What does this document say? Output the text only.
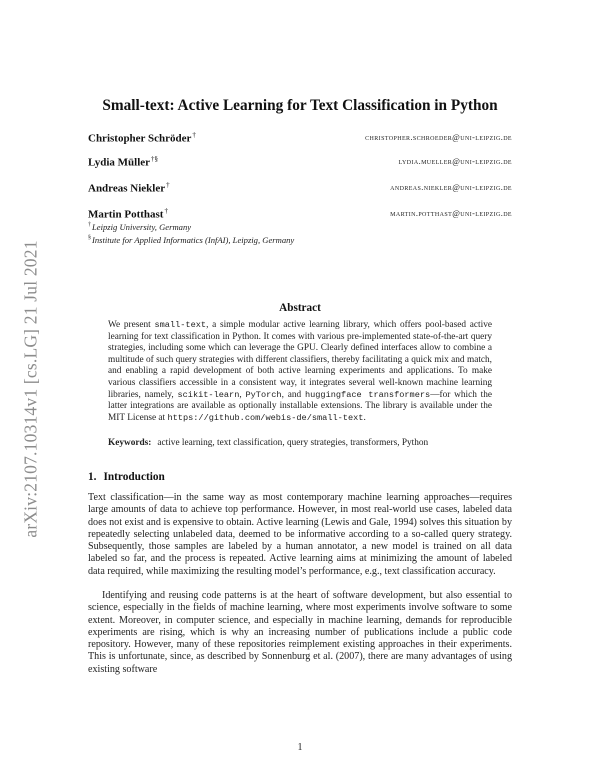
arXiv:2107.10314v1 [cs.LG] 21 Jul 2021
Small-text: Active Learning for Text Classification in Python
Christopher Schröder†	christopher.schroeder@uni-leipzig.de
Lydia Müller†§	lydia.mueller@uni-leipzig.de
Andreas Niekler†	andreas.niekler@uni-leipzig.de
Martin Potthast†	martin.potthast@uni-leipzig.de
†Leipzig University, Germany
§Institute for Applied Informatics (InfAI), Leipzig, Germany
Abstract
We present small-text, a simple modular active learning library, which offers pool-based active learning for text classification in Python. It comes with various pre-implemented state-of-the-art query strategies, including some which can leverage the GPU. Clearly defined interfaces allow to combine a multitude of such query strategies with different classifiers, thereby facilitating a quick mix and match, and enabling a rapid development of both active learning experiments and applications. To make various classifiers accessible in a consistent way, it integrates several well-known machine learning libraries, namely, scikit-learn, PyTorch, and huggingface transformers—for which the latter integrations are available as optionally installable extensions. The library is available under the MIT License at https://github.com/webis-de/small-text.
Keywords: active learning, text classification, query strategies, transformers, Python
1. Introduction

Text classification—in the same way as most contemporary machine learning approaches—requires large amounts of data to achieve top performance. However, in most real-world use cases, labeled data does not exist and is expensive to obtain. Active learning (Lewis and Gale, 1994) solves this situation by repeatedly selecting unlabeled data, deemed to be informative according to a so-called query strategy. Subsequently, those samples are labeled by a human annotator, a new model is trained on all data labeled so far, and the process is repeated. Active learning aims at minimizing the amount of labeled data required, while maximizing the resulting model’s performance, e.g., text classification accuracy.

Identifying and reusing code patterns is at the heart of software development, but also essential to science, especially in the fields of machine learning, where most experiments involve software to some extent. Moreover, in computer science, and especially in machine learning, demands for reproducible experiments are rising, which is why an increasing number of publications include a public code repository. However, many of these repositories reimplement existing approaches in their experiments. This is unfortunate, since, as described by Sonnenburg et al. (2007), there are many advantages of using existing software

1
